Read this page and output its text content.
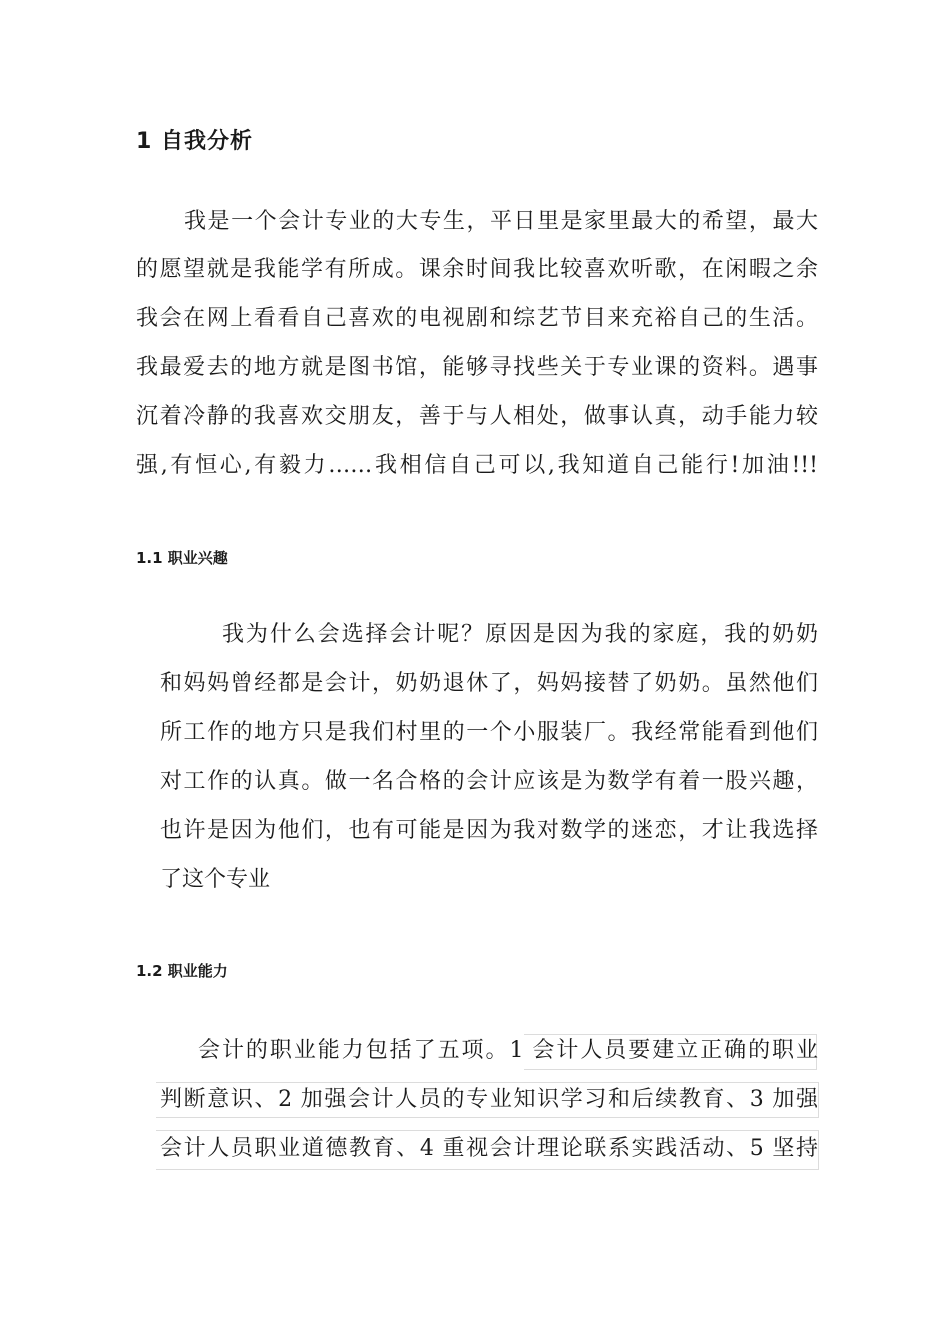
1 自我分析
我是一个会计专业的大专生，平日里是家里最大的希望，最大
的愿望就是我能学有所成。课余时间我比较喜欢听歌，在闲暇之余
我会在网上看看自己喜欢的电视剧和综艺节目来充裕自己的生活。
我最爱去的地方就是图书馆，能够寻找些关于专业课的资料。遇事
沉着冷静的我喜欢交朋友，善于与人相处，做事认真，动手能力较
强,有恒心,有毅力……我相信自己可以,我知道自己能行!加油!!!
1.1 职业兴趣
我为什么会选择会计呢？原因是因为我的家庭，我的奶奶
和妈妈曾经都是会计，奶奶退休了，妈妈接替了奶奶。虽然他们
所工作的地方只是我们村里的一个小服装厂。我经常能看到他们
对工作的认真。做一名合格的会计应该是为数学有着一股兴趣，
也许是因为他们，也有可能是因为我对数学的迷恋，才让我选择
了这个专业
1.2 职业能力
会计的职业能力包括了五项。1 会计人员要建立正确的职业
判断意识、2 加强会计人员的专业知识学习和后续教育、3 加强
会计人员职业道德教育、4 重视会计理论联系实践活动、5 坚持
